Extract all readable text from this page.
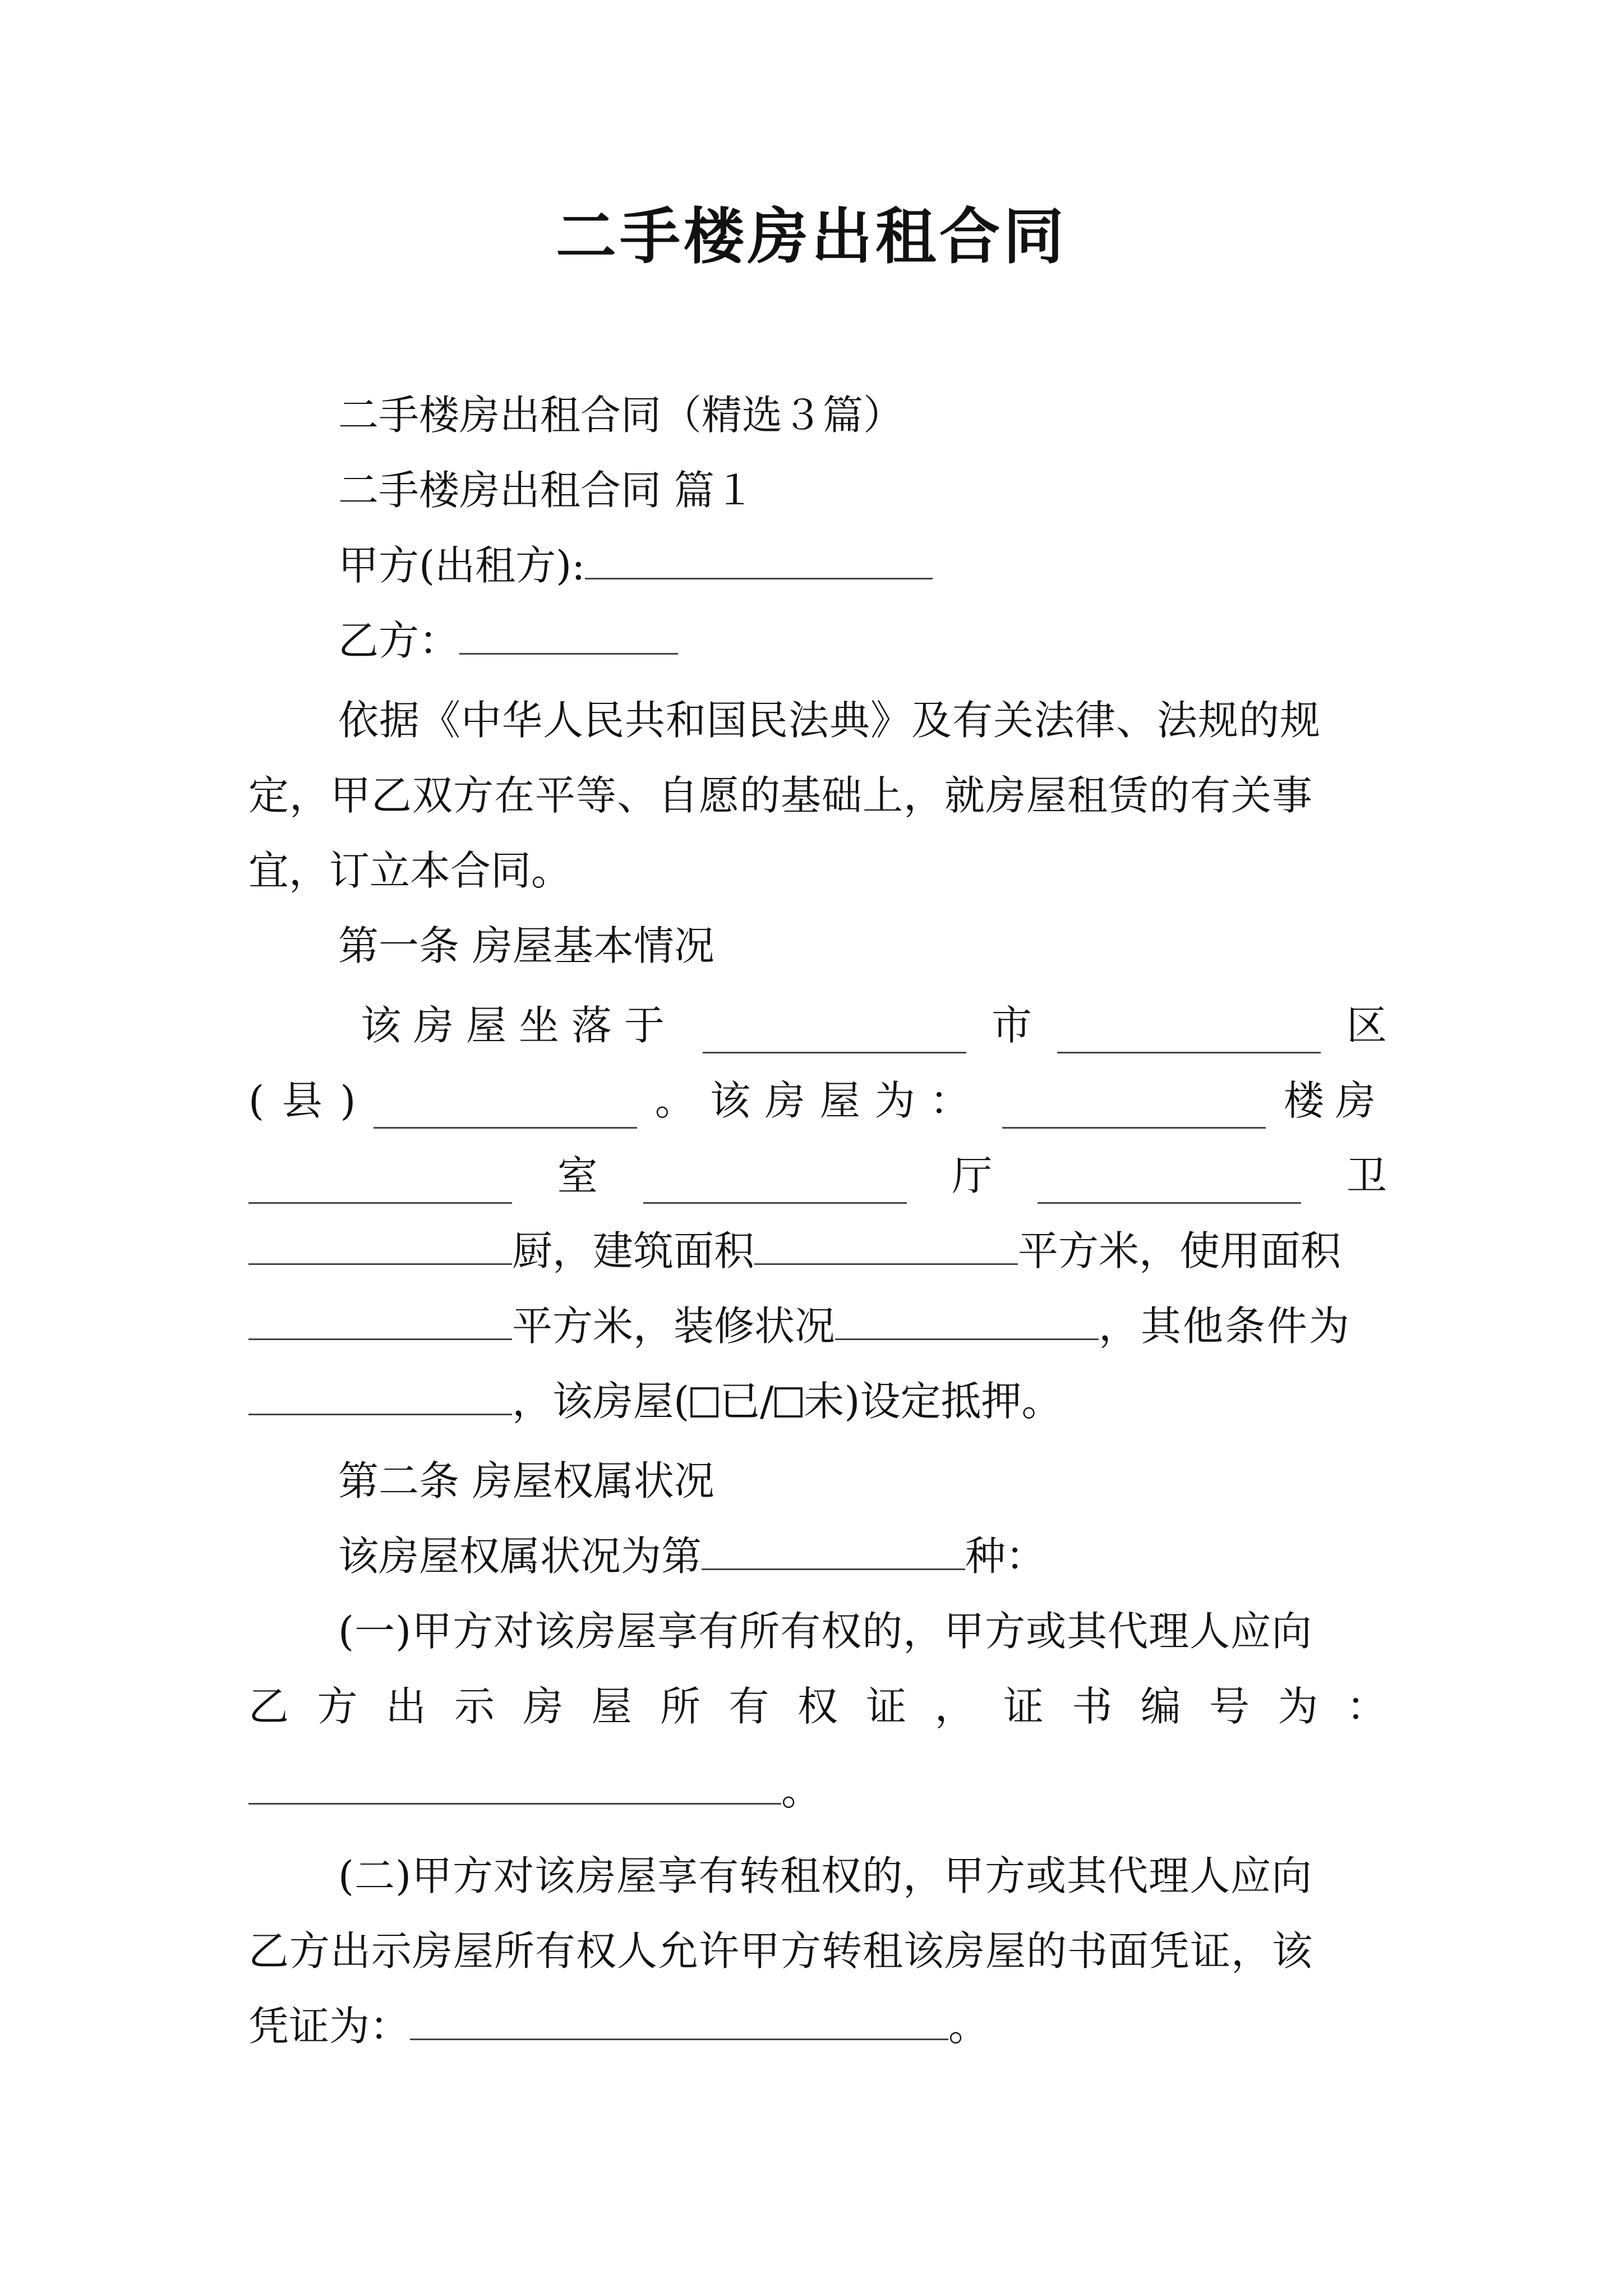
二手楼房出租合同
二手楼房出租合同（精选３篇）
二手楼房出租合同 篇１
甲方(出租方):
乙方：
依据《中华人民共和国民法典》及有关法律、法规的规
定，甲乙双方在平等、自愿的基础上，就房屋租赁的有关事
宜，订立本合同。
第一条 房屋基本情况
该房屋坐落于	市	区
( 县 )	。该房屋为：	楼房
室	厅	卫
厨，建筑面积	平方米，使用面积
平方米，装修状况	，其他条件为
，该房屋( 已/ 未)设定抵押。
第二条 房屋权属状况
该房屋权属状况为第	种：
(一)甲方对该房屋享有所有权的，甲方或其代理人应向
乙 方 出 示 房 屋 所 有 权 证 ， 证 书 编 号 为 ：
。
(二)甲方对该房屋享有转租权的，甲方或其代理人应向
乙方出示房屋所有权人允许甲方转租该房屋的书面凭证，该
凭证为：	。
